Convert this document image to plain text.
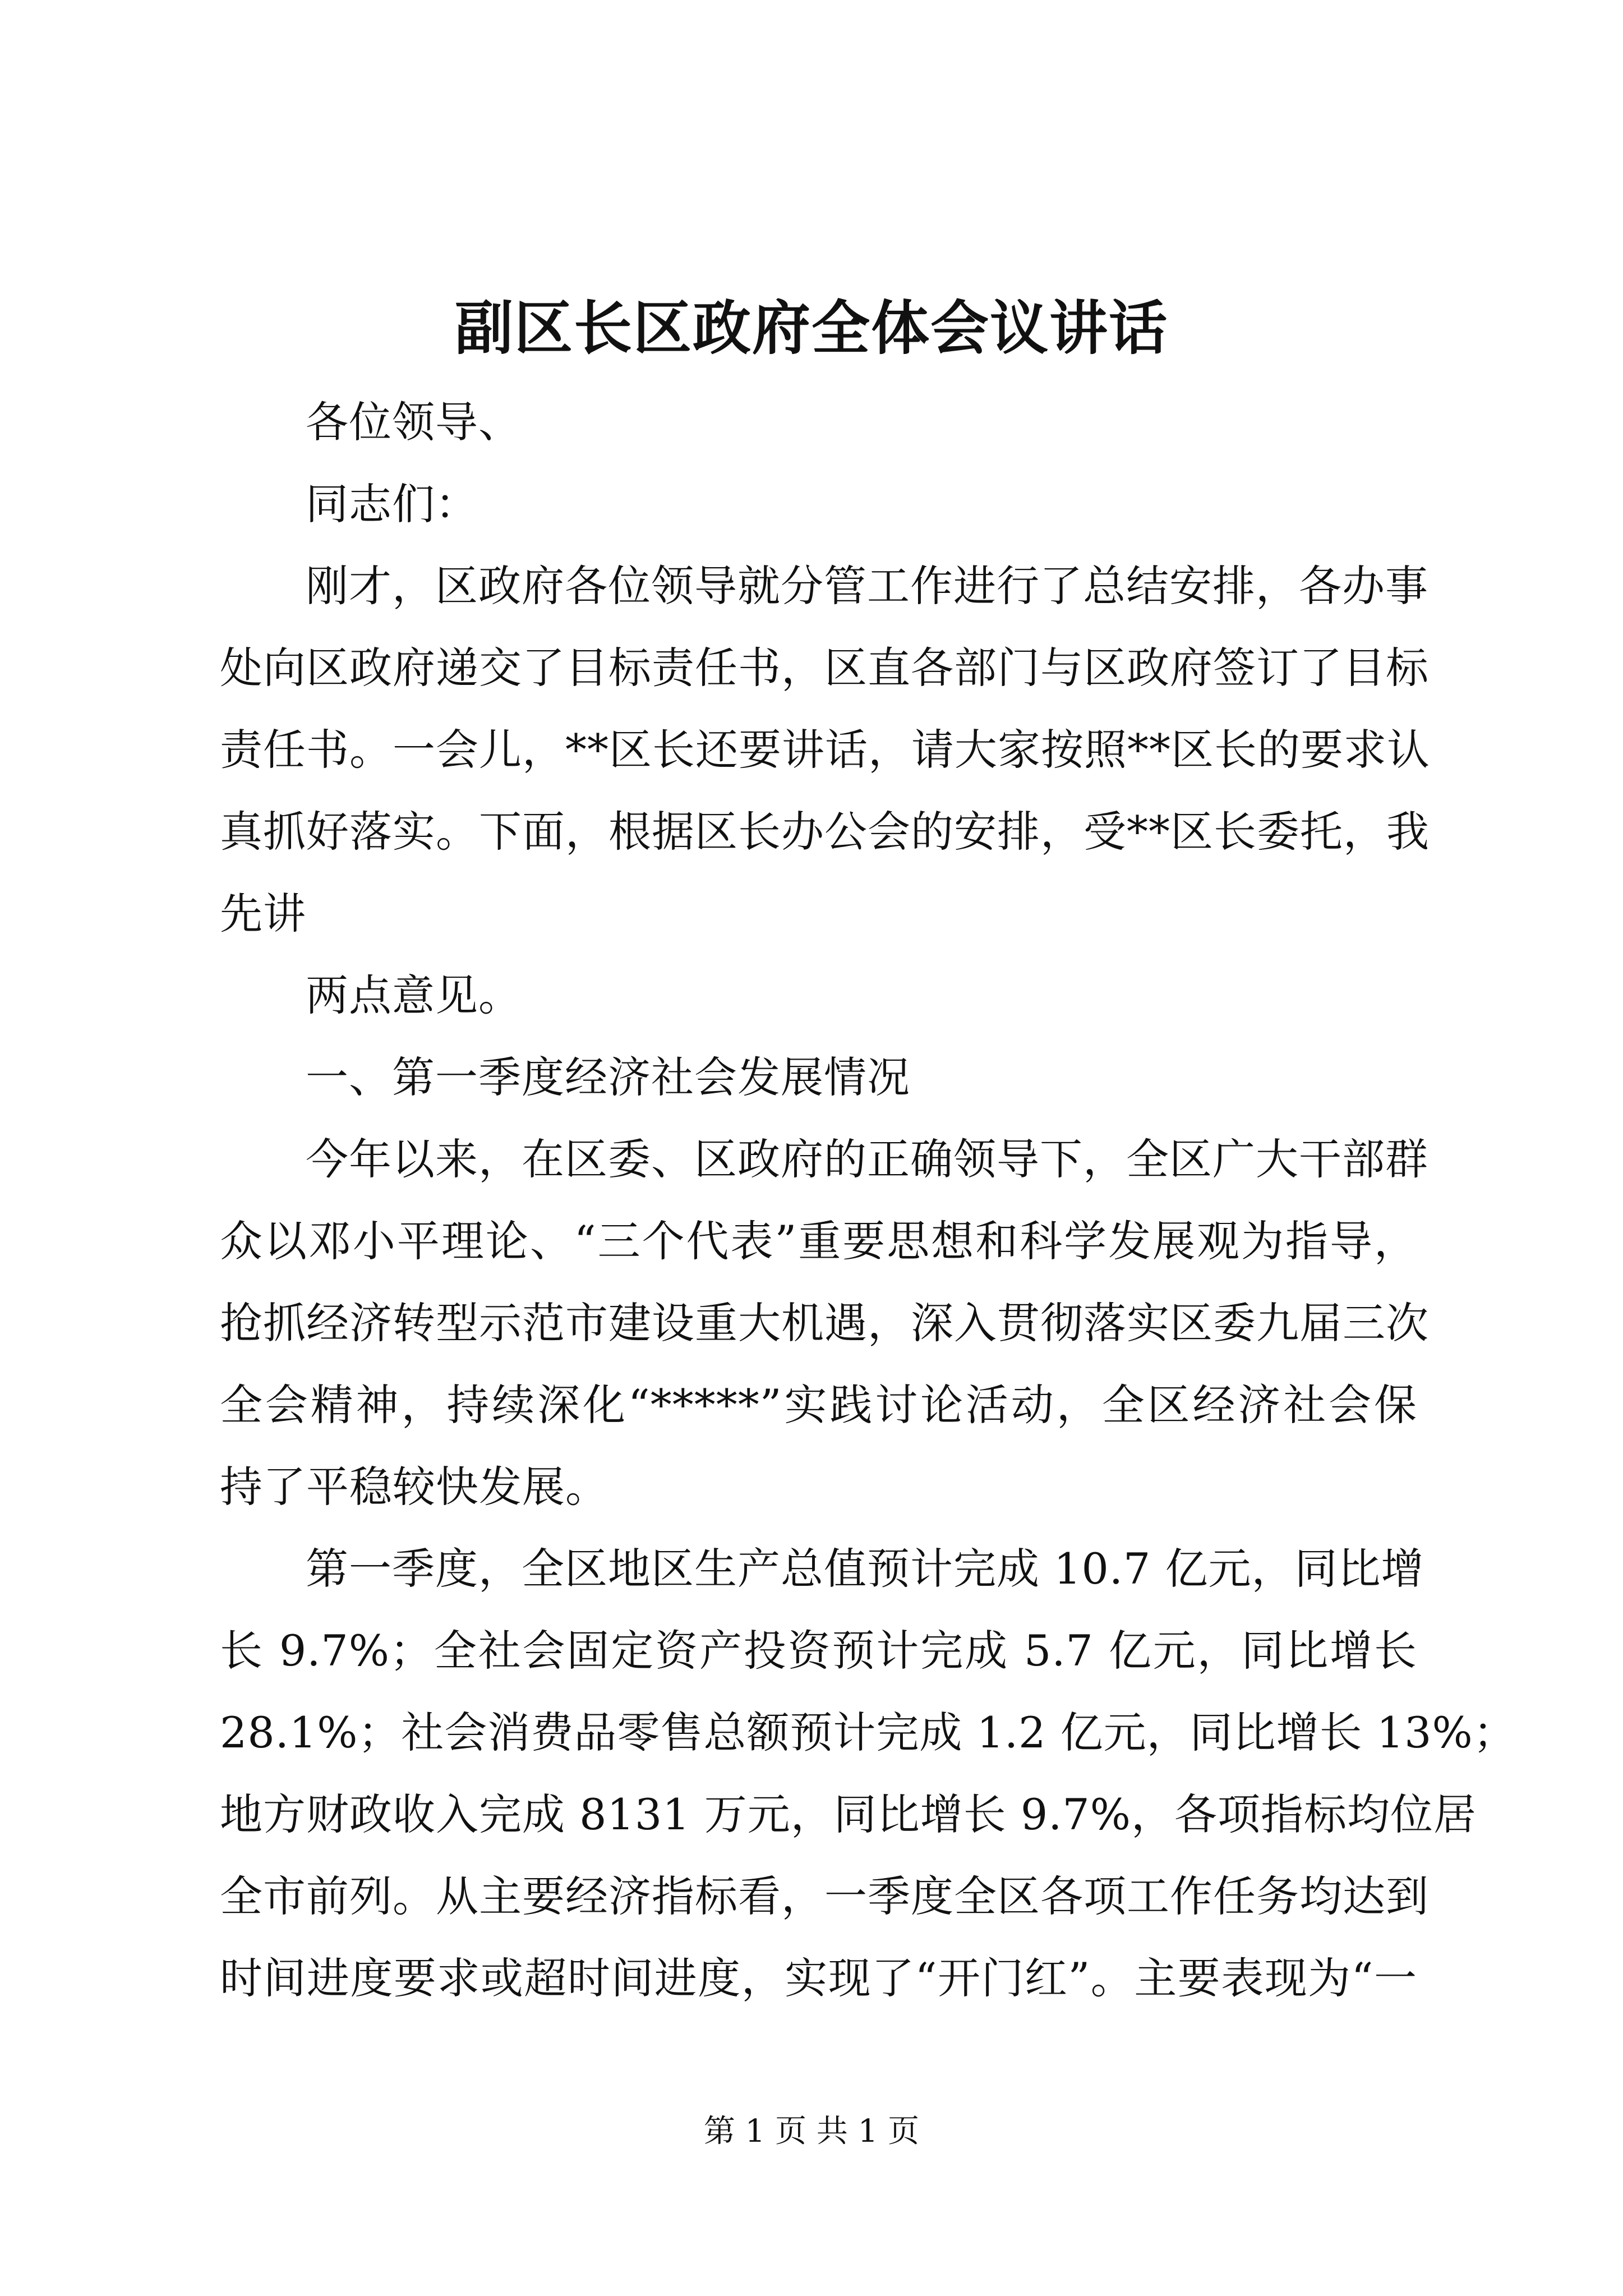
副区长区政府全体会议讲话
各位领导、
同志们：
刚才，区政府各位领导就分管工作进行了总结安排，各办事
处向区政府递交了目标责任书，区直各部门与区政府签订了目标
责任书。一会儿，**区长还要讲话，请大家按照**区长的要求认
真抓好落实。下面，根据区长办公会的安排，受**区长委托，我
先讲
两点意见。
一、第一季度经济社会发展情况
今年以来，在区委、区政府的正确领导下，全区广大干部群
众以邓小平理论、“三个代表”重要思想和科学发展观为指导，
抢抓经济转型示范市建设重大机遇，深入贯彻落实区委九届三次
全会精神，持续深化“*****”实践讨论活动，全区经济社会保
持了平稳较快发展。
第一季度，全区地区生产总值预计完成 10.7 亿元，同比增
长 9.7%；全社会固定资产投资预计完成 5.7 亿元，同比增长
28.1%；社会消费品零售总额预计完成 1.2 亿元，同比增长 13%；
地方财政收入完成 8131 万元，同比增长 9.7%，各项指标均位居
全市前列。从主要经济指标看，一季度全区各项工作任务均达到
时间进度要求或超时间进度，实现了“开门红”。主要表现为“一
第 1 页 共 1 页
